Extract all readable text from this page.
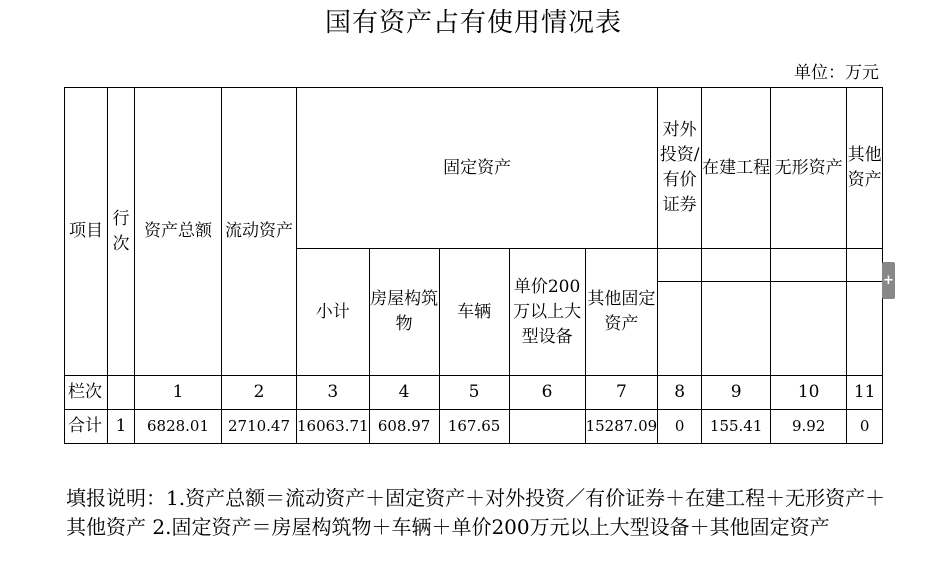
国有资产占有使用情况表
单位：万元
项目	行次	资产总额	流动资产	固定资产					对外投资/有价证券	在建工程	无形资产	其他资产
				小计	房屋构筑物	车辆	单价200万以上大型设备	其他固定资产				

栏次		1	2	3	4	5	6	7	8	9	10	11
合计	1	6828.01	2710.47	16063.71	608.97	167.65		15287.09	0	155.41	9.92	0
填报说明：1.资产总额＝流动资产＋固定资产＋对外投资／有价证券＋在建工程＋无形资产＋其他资产 2.固定资产＝房屋构筑物＋车辆＋单价200万元以上大型设备＋其他固定资产
+
